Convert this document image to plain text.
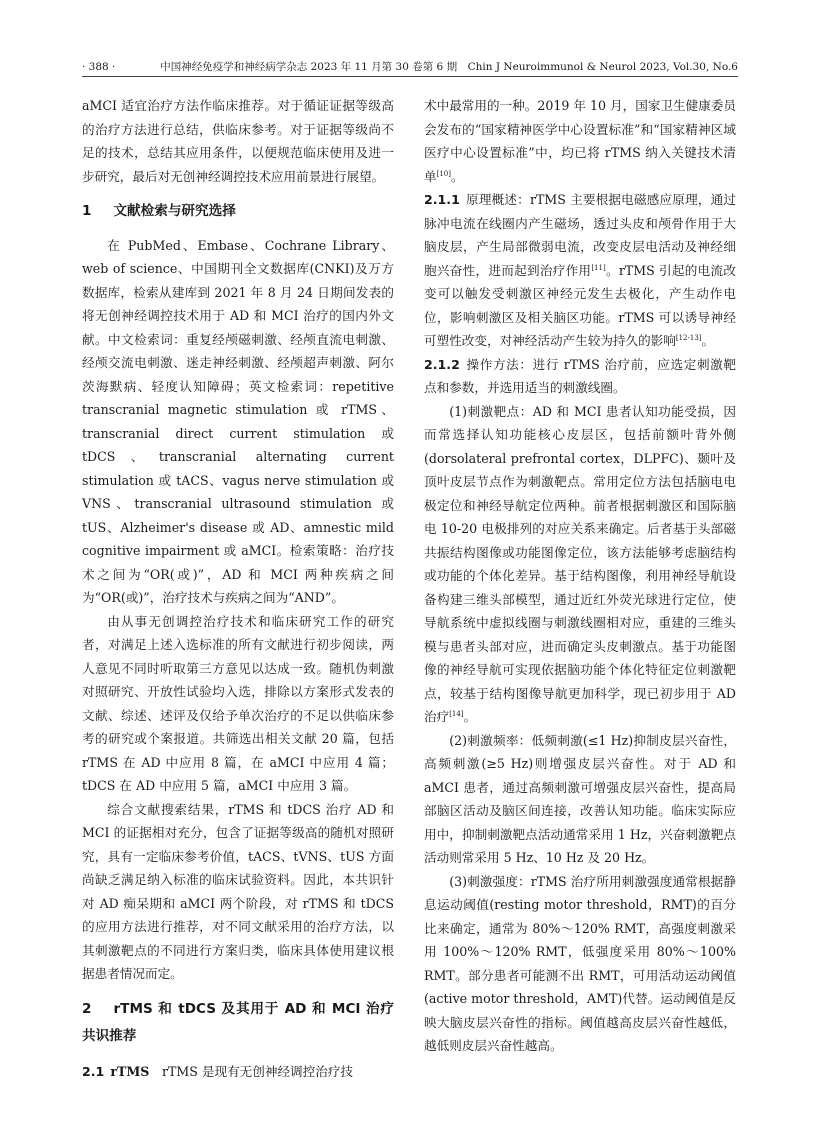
· 388 ·	中国神经免疫学和神经病学杂志 2023 年 11 月第 30 卷第 6 期　Chin J Neuroimmunol & Neurol 2023, Vol.30, No.6

aMCI 适宜治疗方法作临床推荐。对于循证证据等级高的治疗方法进行总结，供临床参考。对于证据等级尚不足的技术，总结其应用条件，以便规范临床使用及进一步研究，最后对无创神经调控技术应用前景进行展望。

1 文献检索与研究选择

在 PubMed、Embase、Cochrane Library、web of science、中国期刊全文数据库(CNKI)及万方数据库，检索从建库到 2021 年 8 月 24 日期间发表的将无创神经调控技术用于 AD 和 MCI 治疗的国内外文献。中文检索词：重复经颅磁刺激、经颅直流电刺激、经颅交流电刺激、迷走神经刺激、经颅超声刺激、阿尔茨海默病、轻度认知障碍；英文检索词：repetitive transcranial magnetic stimulation 或 rTMS、transcranial direct current stimulation 或 tDCS、transcranial alternating current stimulation 或 tACS、vagus nerve stimulation 或 VNS、transcranial ultrasound stimulation 或 tUS、Alzheimer's disease 或 AD、amnestic mild cognitive impairment 或 aMCI。检索策略：治疗技术之间为“OR(或)”，AD 和 MCI 两种疾病之间为“OR(或)”，治疗技术与疾病之间为“AND”。

由从事无创调控治疗技术和临床研究工作的研究者，对满足上述入选标准的所有文献进行初步阅读，两人意见不同时听取第三方意见以达成一致。随机伪刺激对照研究、开放性试验均入选，排除以方案形式发表的文献、综述、述评及仅给予单次治疗的不足以供临床参考的研究或个案报道。共筛选出相关文献 20 篇，包括 rTMS 在 AD 中应用 8 篇，在 aMCI 中应用 4 篇；tDCS 在 AD 中应用 5 篇，aMCI 中应用 3 篇。

综合文献搜索结果，rTMS 和 tDCS 治疗 AD 和 MCI 的证据相对充分，包含了证据等级高的随机对照研究，具有一定临床参考价值，tACS、tVNS、tUS 方面尚缺乏满足纳入标准的临床试验资料。因此，本共识针对 AD 痴呆期和 aMCI 两个阶段，对 rTMS 和 tDCS 的应用方法进行推荐，对不同文献采用的治疗方法，以其刺激靶点的不同进行方案归类，临床具体使用建议根据患者情况而定。

2 rTMS 和 tDCS 及其用于 AD 和 MCI 治疗共识推荐

2.1 rTMS　 rTMS 是现有无创神经调控治疗技

术中最常用的一种。2019 年 10 月，国家卫生健康委员会发布的“国家精神医学中心设置标准”和“国家精神区域医疗中心设置标准”中，均已将 rTMS 纳入关键技术清单[10]。

2.1.1 原理概述：rTMS 主要根据电磁感应原理，通过脉冲电流在线圈内产生磁场，透过头皮和颅骨作用于大脑皮层，产生局部微弱电流，改变皮层电活动及神经细胞兴奋性，进而起到治疗作用[11]。rTMS 引起的电流改变可以触发受刺激区神经元发生去极化，产生动作电位，影响刺激区及相关脑区功能。rTMS 可以诱导神经可塑性改变，对神经活动产生较为持久的影响[12-13]。

2.1.2 操作方法：进行 rTMS 治疗前，应选定刺激靶点和参数，并选用适当的刺激线圈。

(1)刺激靶点：AD 和 MCI 患者认知功能受损，因而常选择认知功能核心皮层区，包括前额叶背外侧(dorsolateral prefrontal cortex，DLPFC)、颞叶及顶叶皮层节点作为刺激靶点。常用定位方法包括脑电电极定位和神经导航定位两种。前者根据刺激区和国际脑电 10-20 电极排列的对应关系来确定。后者基于头部磁共振结构图像或功能图像定位，该方法能够考虑脑结构或功能的个体化差异。基于结构图像，利用神经导航设备构建三维头部模型，通过近红外荧光球进行定位，使导航系统中虚拟线圈与刺激线圈相对应，重建的三维头模与患者头部对应，进而确定头皮刺激点。基于功能图像的神经导航可实现依据脑功能个体化特征定位刺激靶点，较基于结构图像导航更加科学，现已初步用于 AD 治疗[14]。

(2)刺激频率：低频刺激(≤1 Hz)抑制皮层兴奋性，高频刺激(≥5 Hz)则增强皮层兴奋性。对于 AD 和 aMCI 患者，通过高频刺激可增强皮层兴奋性，提高局部脑区活动及脑区间连接，改善认知功能。临床实际应用中，抑制刺激靶点活动通常采用 1 Hz，兴奋刺激靶点活动则常采用 5 Hz、10 Hz 及 20 Hz。

(3)刺激强度：rTMS 治疗所用刺激强度通常根据静息运动阈值(resting motor threshold，RMT)的百分比来确定，通常为 80%～120% RMT，高强度刺激采用 100%～120% RMT，低强度采用 80%～100% RMT。部分患者可能测不出 RMT，可用活动运动阈值(active motor threshold，AMT)代替。运动阈值是反映大脑皮层兴奋性的指标。阈值越高皮层兴奋性越低，越低则皮层兴奋性越高。
